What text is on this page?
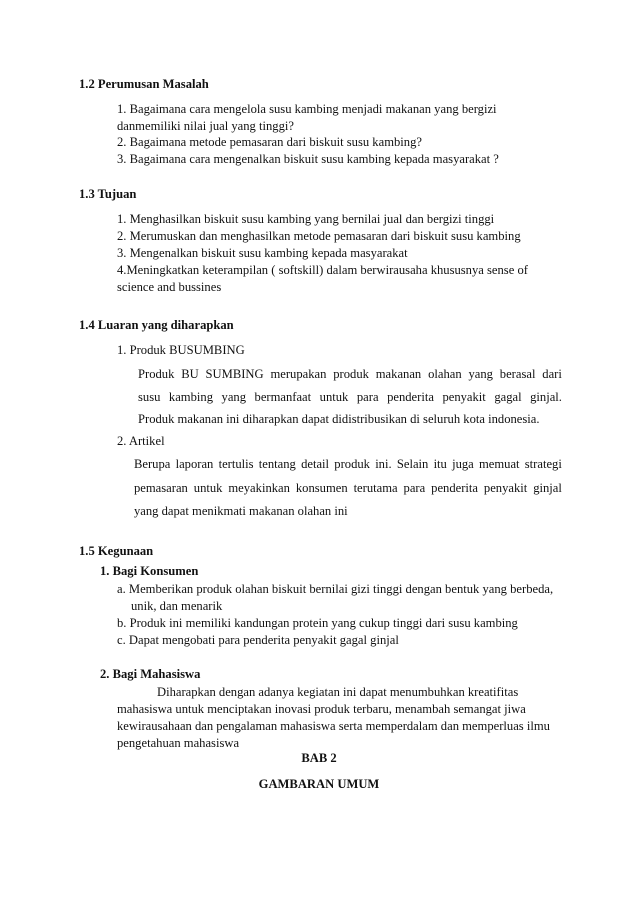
1.2 Perumusan Masalah
1. Bagaimana cara mengelola susu kambing menjadi makanan yang bergizi
danmemiliki nilai jual yang tinggi?
2. Bagaimana metode pemasaran dari biskuit susu kambing?
3. Bagaimana cara mengenalkan biskuit susu kambing kepada masyarakat ?
1.3 Tujuan
1. Menghasilkan biskuit susu kambing yang bernilai jual dan bergizi tinggi
2. Merumuskan dan menghasilkan metode pemasaran dari biskuit susu kambing
3. Mengenalkan biskuit susu kambing kepada masyarakat
4.Meningkatkan keterampilan ( softskill) dalam berwirausaha khususnya sense of
science and bussines
1.4 Luaran yang diharapkan
1. Produk BUSUMBING
Produk BU SUMBING merupakan produk makanan olahan yang berasal dari
susu kambing yang bermanfaat untuk para penderita penyakit gagal ginjal.
Produk makanan ini diharapkan dapat didistribusikan di seluruh kota indonesia.
2. Artikel
Berupa laporan tertulis tentang detail produk ini. Selain itu juga memuat strategi
pemasaran untuk meyakinkan konsumen terutama para penderita penyakit ginjal
yang dapat menikmati makanan olahan ini
1.5 Kegunaan
1. Bagi Konsumen
a. Memberikan produk olahan biskuit bernilai gizi tinggi dengan bentuk yang berbeda,
unik, dan menarik
b. Produk ini memiliki kandungan protein yang cukup tinggi dari susu kambing
c. Dapat mengobati para penderita penyakit gagal ginjal
2. Bagi Mahasiswa
Diharapkan dengan adanya kegiatan ini dapat menumbuhkan kreatifitas
mahasiswa untuk menciptakan inovasi produk terbaru, menambah semangat jiwa
kewirausahaan dan pengalaman mahasiswa serta memperdalam dan memperluas ilmu
pengetahuan mahasiswa
BAB 2
GAMBARAN UMUM
